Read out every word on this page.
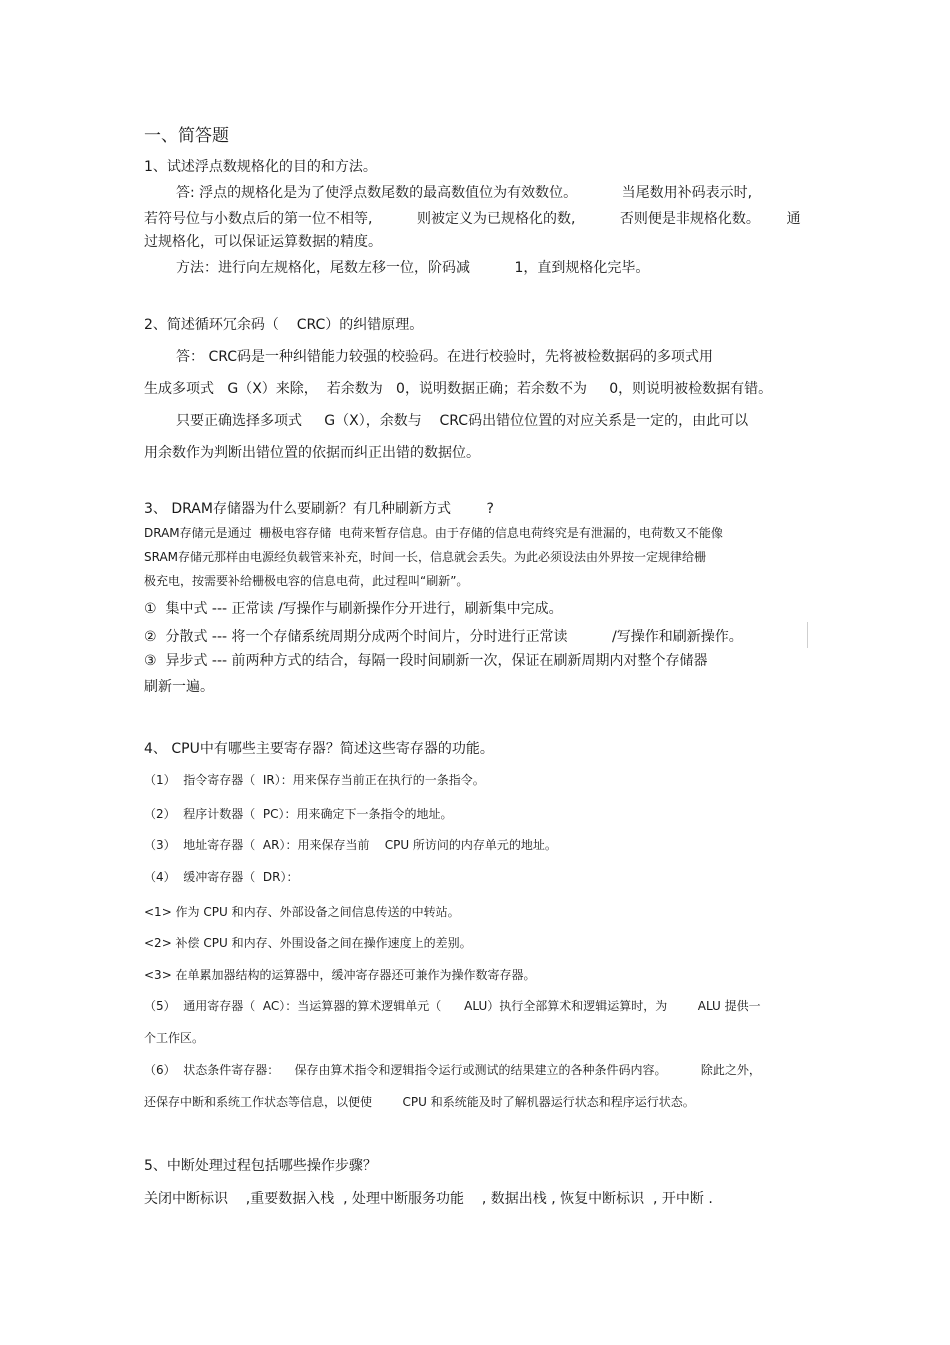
一、简答题
1、试述浮点数规格化的目的和方法。
答: 浮点的规格化是为了使浮点数尾数的最高数值位为有效数位。          当尾数用补码表示时,
若符号位与小数点后的第一位不相等,          则被定义为已规格化的数,          否则便是非规格化数。      通
过规格化，可以保证运算数据的精度。
方法：进行向左规格化，尾数左移一位，阶码减          1，直到规格化完毕。
2、简述循环冗余码（    CRC）的纠错原理。
答： CRC码是一种纠错能力较强的校验码。在进行校验时，先将被检数据码的多项式用
生成多项式   G（X）来除，  若余数为   0，说明数据正确；若余数不为     0，则说明被检数据有错。
只要正确选择多项式     G（X），余数与    CRC码出错位位置的对应关系是一定的，由此可以
用余数作为判断出错位置的依据而纠正出错的数据位。
3、 DRAM存储器为什么要刷新？有几种刷新方式        ?
DRAM存储元是通过  栅极电容存储  电荷来暂存信息。由于存储的信息电荷终究是有泄漏的，电荷数又不能像
SRAM存储元那样由电源经负载管来补充，时间一长，信息就会丢失。为此必须设法由外界按一定规律给栅
极充电，按需要补给栅极电容的信息电荷，此过程叫“刷新”。
①  集中式 --- 正常读 /写操作与刷新操作分开进行，刷新集中完成。
②  分散式 --- 将一个存储系统周期分成两个时间片，分时进行正常读          /写操作和刷新操作。
③  异步式 --- 前两种方式的结合，每隔一段时间刷新一次，保证在刷新周期内对整个存储器
刷新一遍。
4、 CPU中有哪些主要寄存器？简述这些寄存器的功能。
（1）  指令寄存器（  IR）：用来保存当前正在执行的一条指令。
（2）  程序计数器（  PC）：用来确定下一条指令的地址。
（3）  地址寄存器（  AR）：用来保存当前    CPU 所访问的内存单元的地址。
（4）  缓冲寄存器（  DR）：
<1> 作为 CPU 和内存、外部设备之间信息传送的中转站。
<2> 补偿 CPU 和内存、外围设备之间在操作速度上的差别。
<3> 在单累加器结构的运算器中，缓冲寄存器还可兼作为操作数寄存器。
（5）  通用寄存器（  AC）：当运算器的算术逻辑单元（      ALU）执行全部算术和逻辑运算时，为        ALU 提供一
个工作区。
（6）  状态条件寄存器：    保存由算术指令和逻辑指令运行或测试的结果建立的各种条件码内容。         除此之外，
还保存中断和系统工作状态等信息，以便使        CPU 和系统能及时了解机器运行状态和程序运行状态。
5、中断处理过程包括哪些操作步骤？
关闭中断标识    ,重要数据入栈  , 处理中断服务功能    , 数据出栈 , 恢复中断标识  , 开中断 .
